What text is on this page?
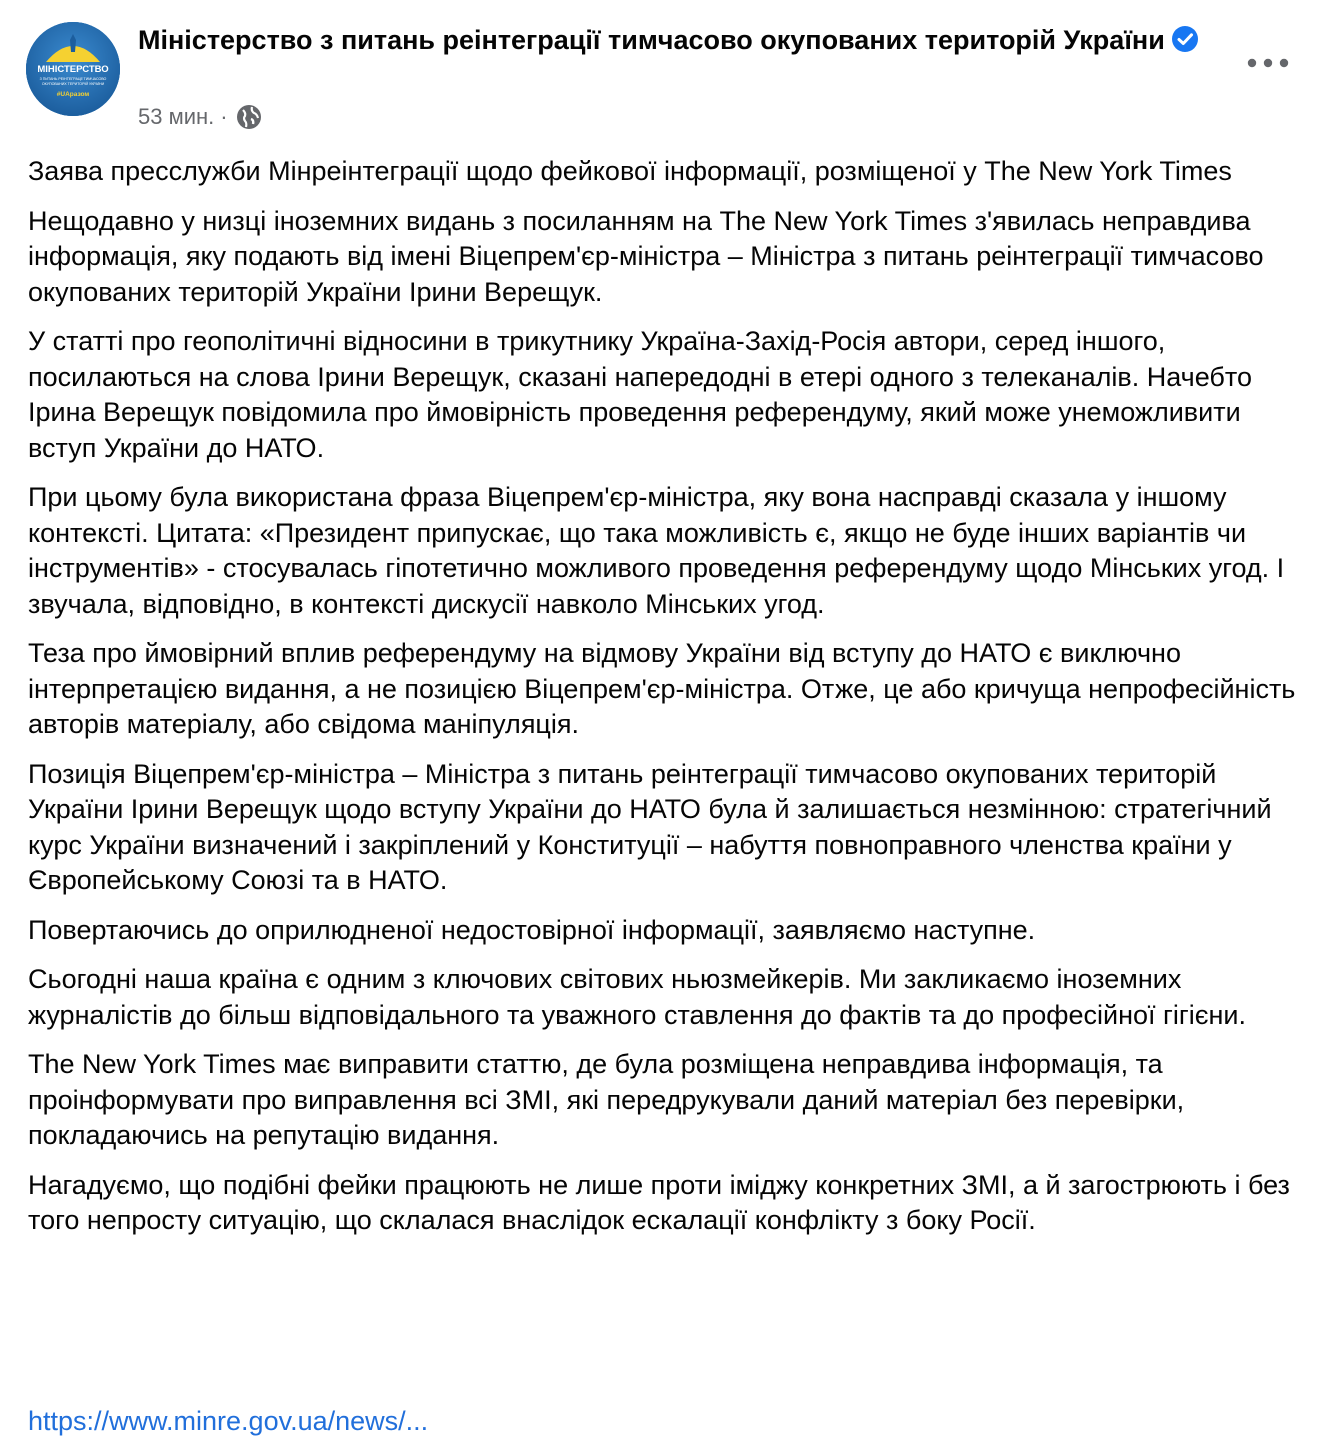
МІНІСТЕРСТВО
З ПИТАНЬ РЕІНТЕГРАЦІЇ ТИМЧАСОВО
ОКУПОВАНИХ ТЕРИТОРІЙ УКРАЇНИ
#UAразом
Міністерство з питань реінтеграції тимчасово окупованих територій України
53 мин. ·

Заява пресслужби Мінреінтеграції щодо фейкової інформації, розміщеної у The New York Times

Нещодавно у низці іноземних видань з посиланням на The New York Times з'явилась неправдива інформація, яку подають від імені Віцепрем'єр-міністра – Міністра з питань реінтеграції тимчасово окупованих територій України Ірини Верещук.

У статті про геополітичні відносини в трикутнику Україна-Захід-Росія автори, серед іншого, посилаються на слова Ірини Верещук, сказані напередодні в етері одного з телеканалів. Начебто Ірина Верещук повідомила про ймовірність проведення референдуму, який може унеможливити вступ України до НАТО.

При цьому була використана фраза Віцепрем'єр-міністра, яку вона насправді сказала у іншому контексті. Цитата: «Президент припускає, що така можливість є, якщо не буде інших варіантів чи інструментів» - стосувалась гіпотетично можливого проведення референдуму щодо Мінських угод. І звучала, відповідно, в контексті дискусії навколо Мінських угод.

Теза про ймовірний вплив референдуму на відмову України від вступу до НАТО є виключно інтерпретацією видання, а не позицією Віцепрем'єр-міністра. Отже, це або кричуща непрофесійність авторів матеріалу, або свідома маніпуляція.

Позиція Віцепрем'єр-міністра – Міністра з питань реінтеграції тимчасово окупованих територій України Ірини Верещук щодо вступу України до НАТО була й залишається незмінною: стратегічний курс України визначений і закріплений у Конституції – набуття повноправного членства країни у Європейському Союзі та в НАТО.

Повертаючись до оприлюдненої недостовірної інформації, заявляємо наступне.

Сьогодні наша країна є одним з ключових світових ньюзмейкерів. Ми закликаємо іноземних журналістів до більш відповідального та уважного ставлення до фактів та до професійної гігієни.

The New York Times має виправити статтю, де була розміщена неправдива інформація, та проінформувати про виправлення всі ЗМІ, які передрукували даний матеріал без перевірки, покладаючись на репутацію видання.

Нагадуємо, що подібні фейки працюють не лише проти іміджу конкретних ЗМІ, а й загострюють і без того непросту ситуацію, що склалася внаслідок ескалації конфлікту з боку Росії.

https://www.minre.gov.ua/news/...
